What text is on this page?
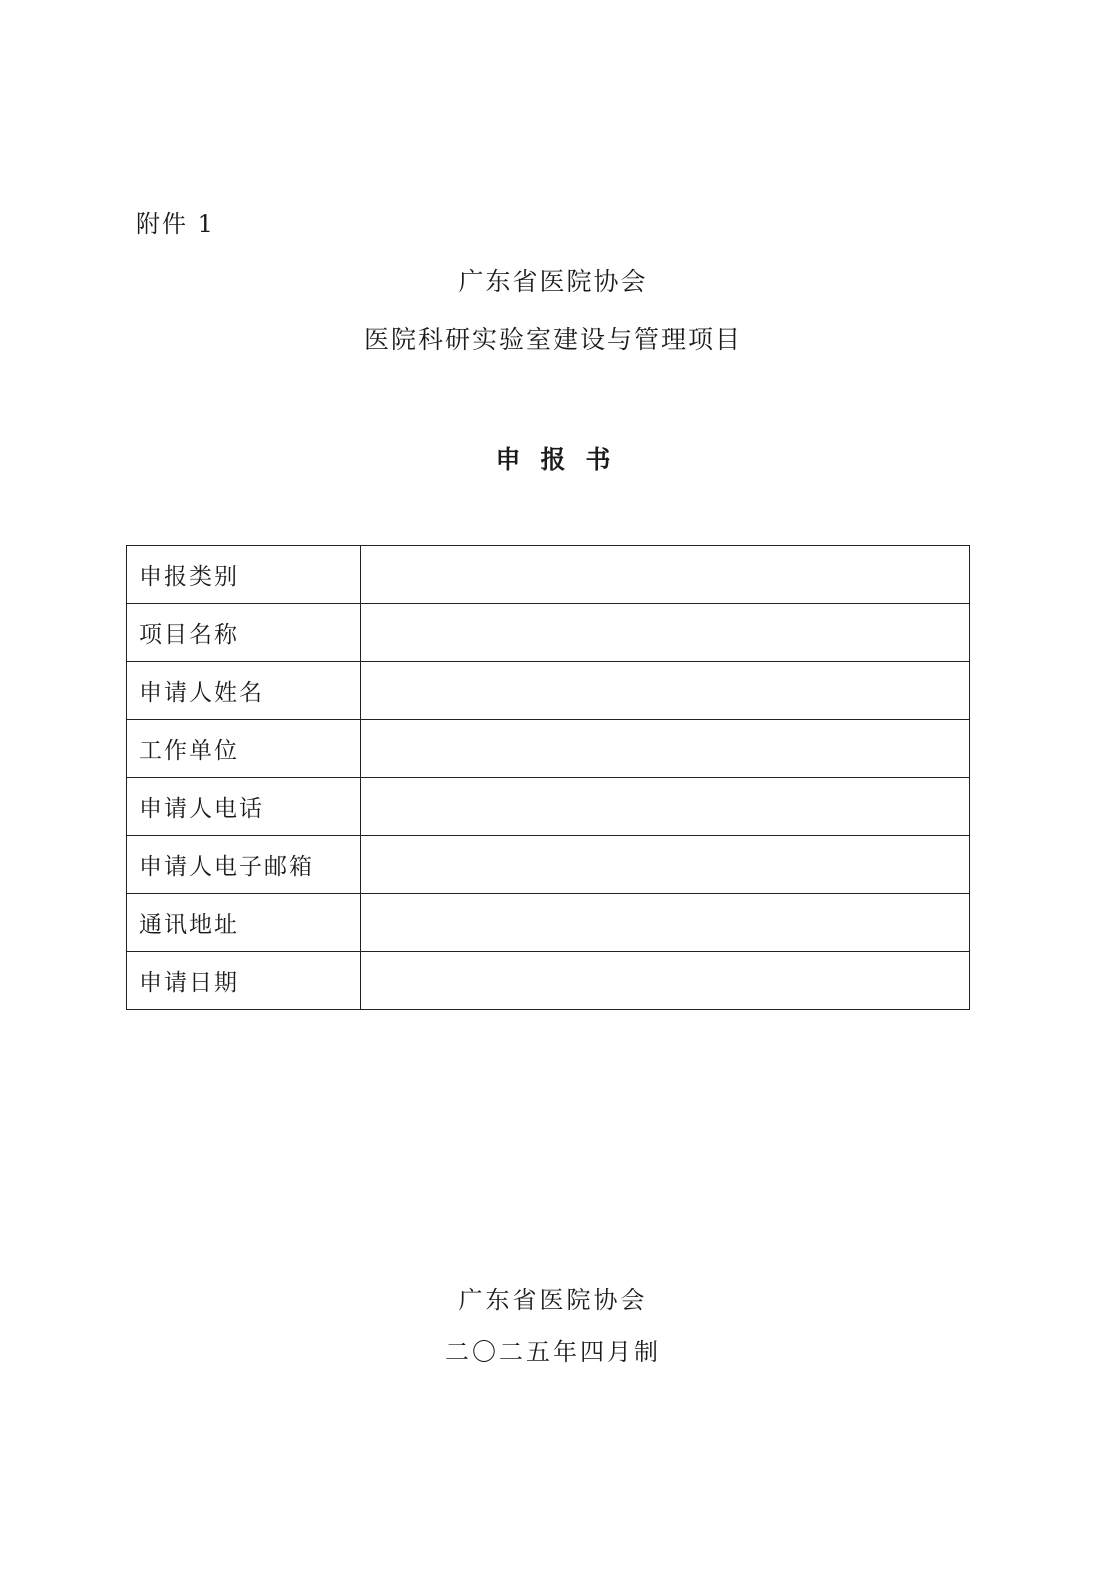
附件 1
广东省医院协会
医院科研实验室建设与管理项目
申报书
申报类别	
项目名称	
申请人姓名	
工作单位	
申请人电话	
申请人电子邮箱	
通讯地址	
申请日期	
广东省医院协会
二〇二五年四月制
